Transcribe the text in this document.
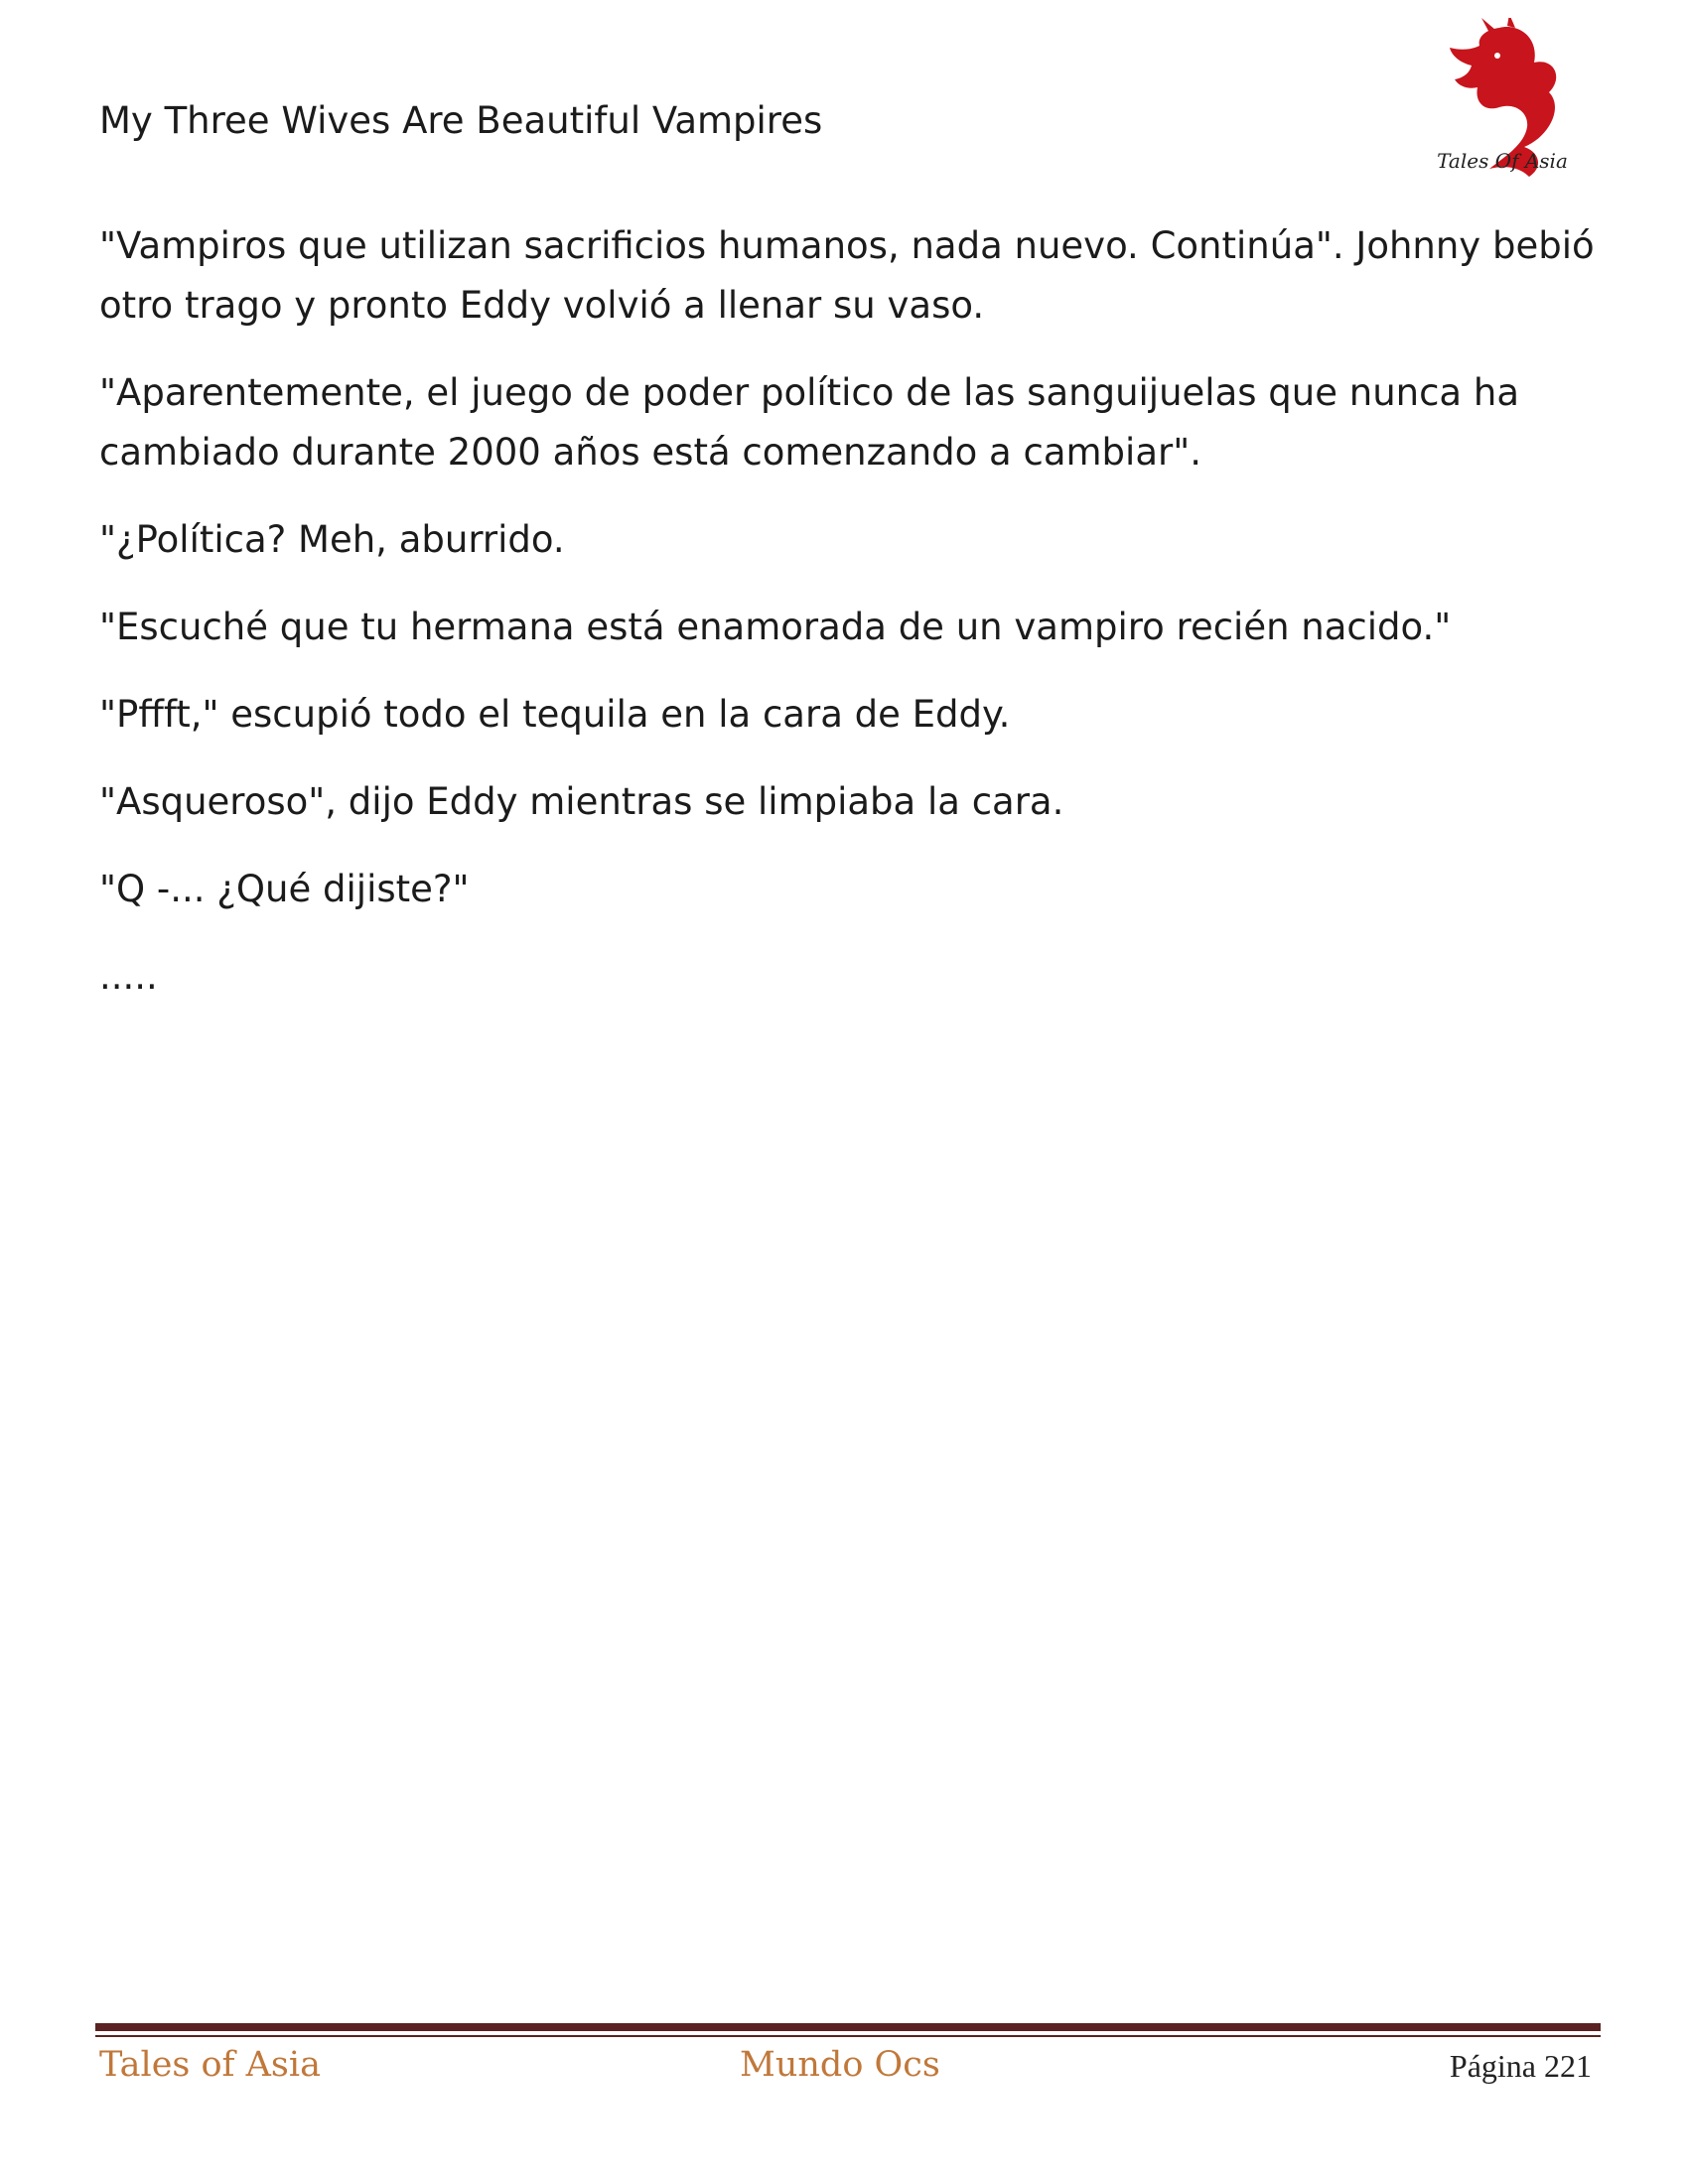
My Three Wives Are Beautiful Vampires
Tales Of Asia

"Vampiros que utilizan sacrificios humanos, nada nuevo. Continúa". Johnny bebió otro trago y pronto Eddy volvió a llenar su vaso.

"Aparentemente, el juego de poder político de las sanguijuelas que nunca ha cambiado durante 2000 años está comenzando a cambiar".

"¿Política? Meh, aburrido.

"Escuché que tu hermana está enamorada de un vampiro recién nacido."

"Pffft," escupió todo el tequila en la cara de Eddy.

"Asqueroso", dijo Eddy mientras se limpiaba la cara.

"Q -... ¿Qué dijiste?"

.....

Tales of Asia	Mundo Ocs	Página 221
